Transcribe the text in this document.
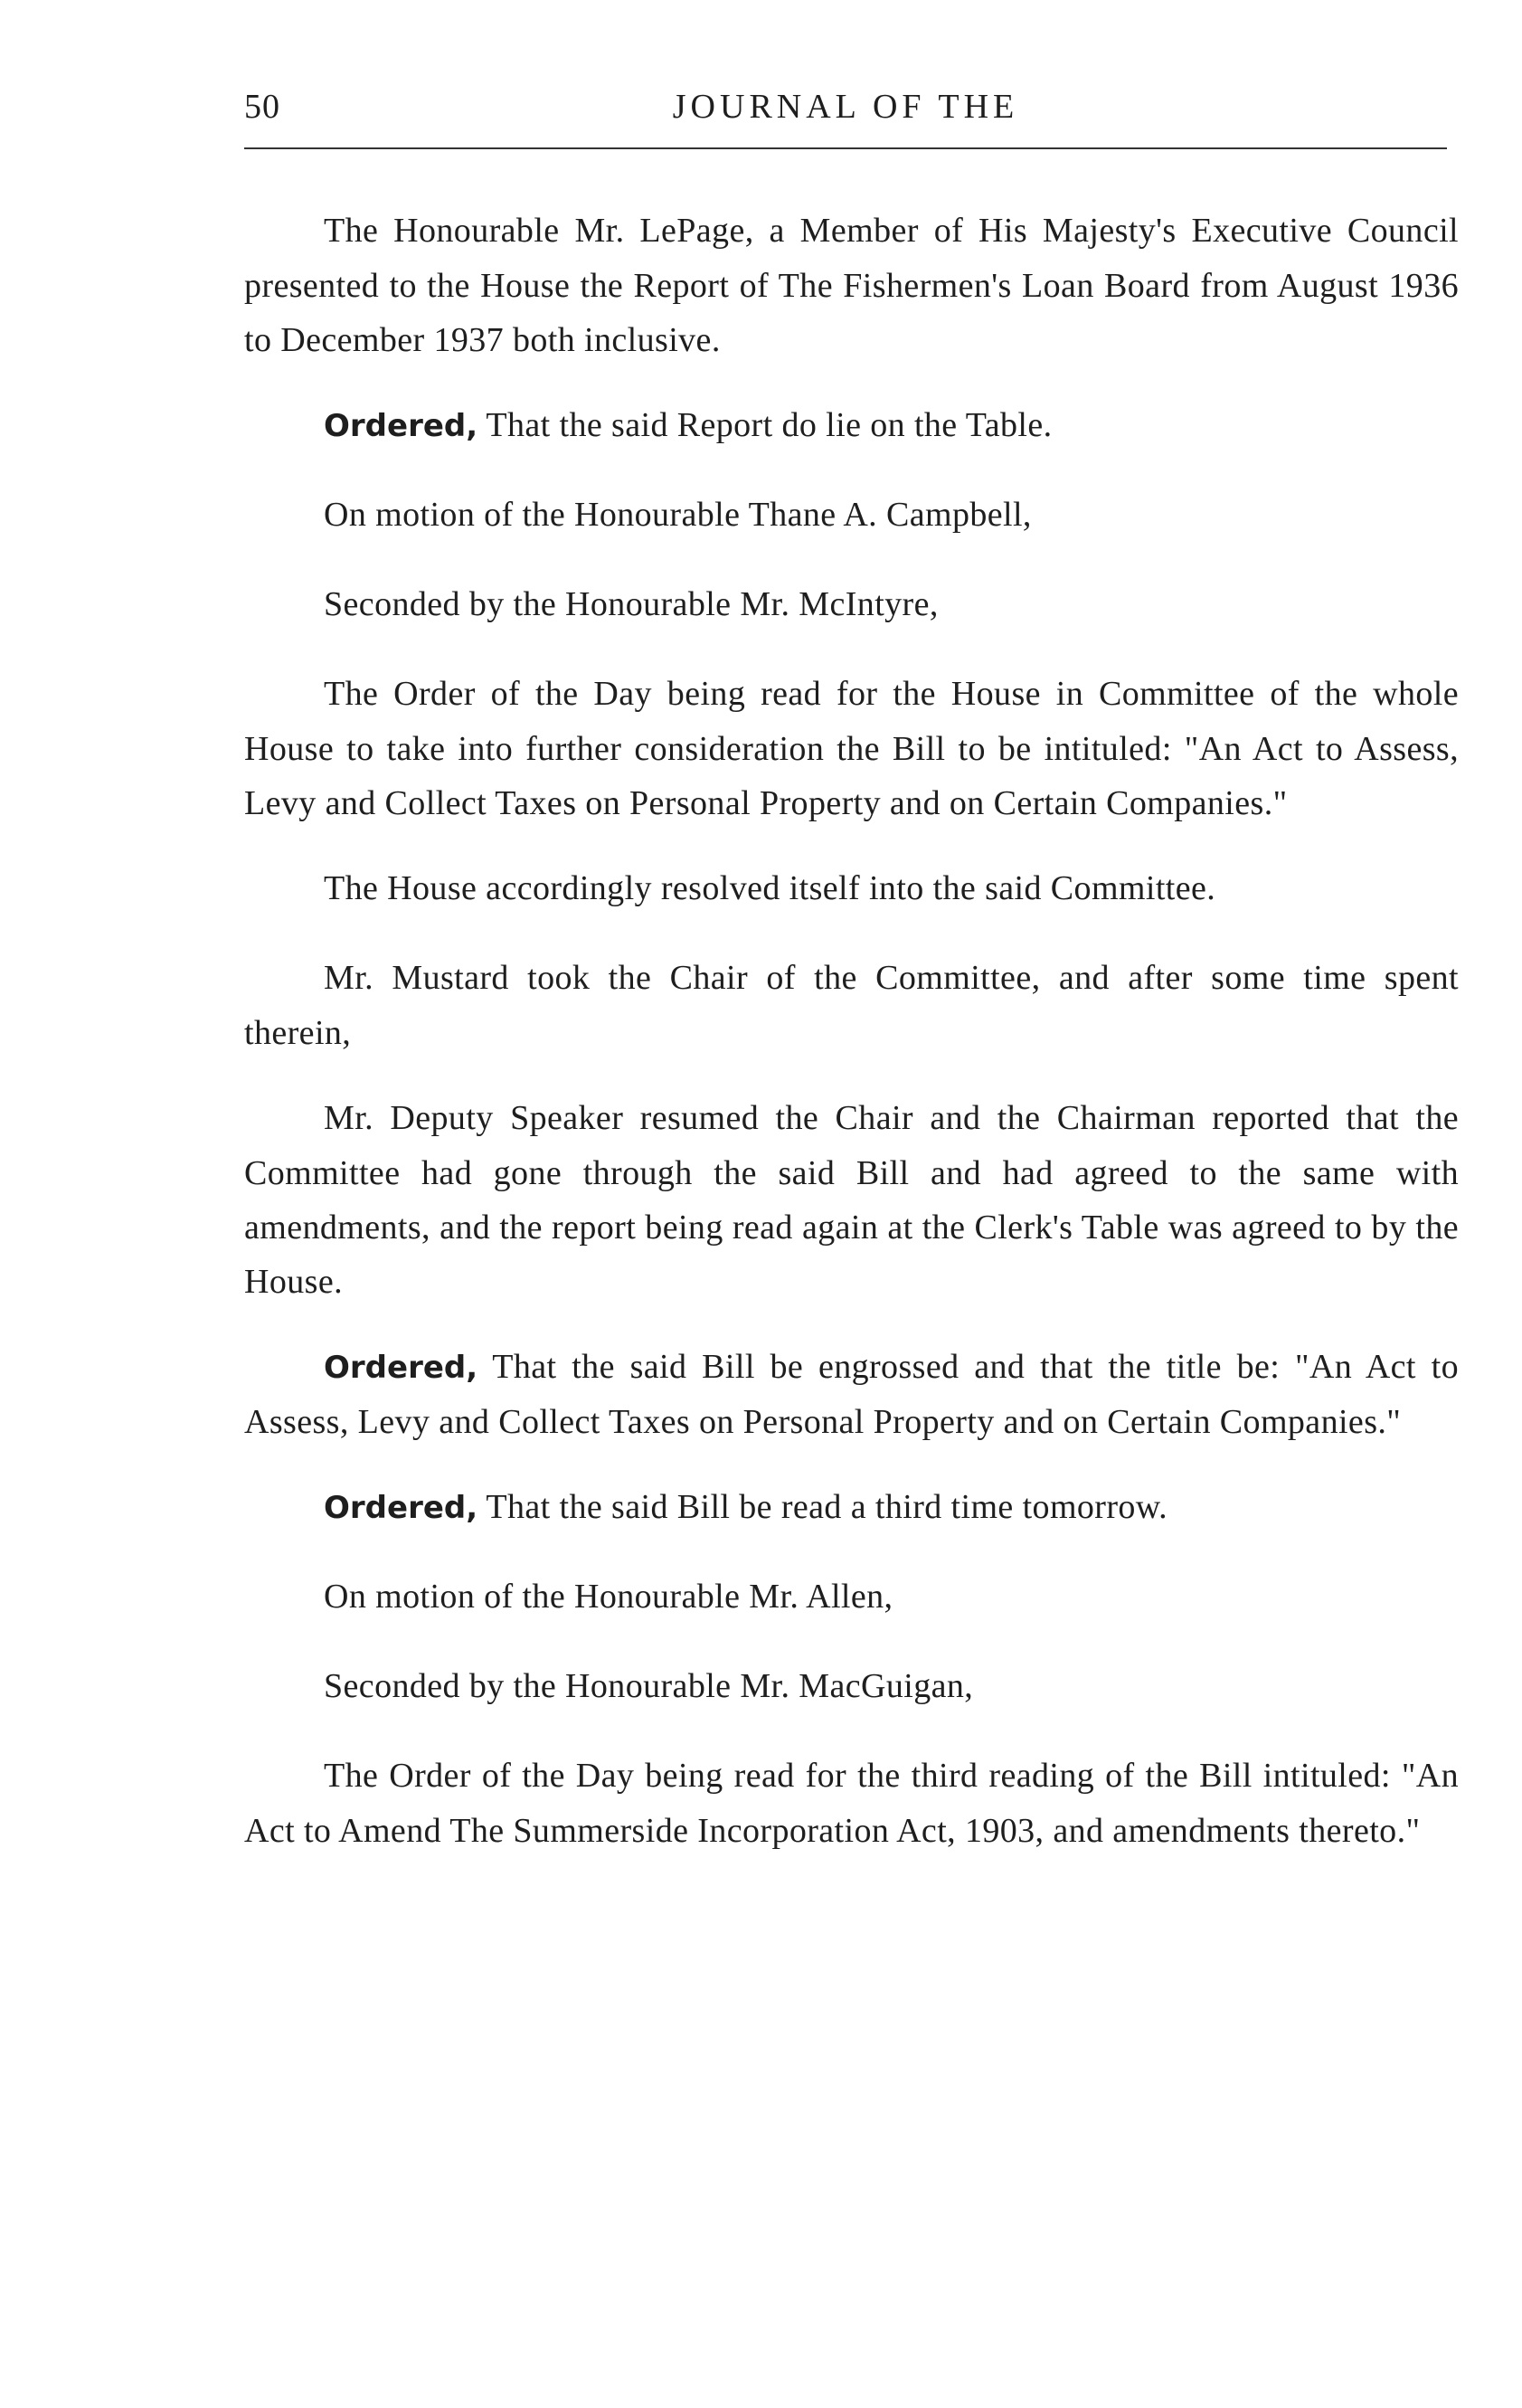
50	JOURNAL OF THE

The Honourable Mr. LePage, a Member of His Majesty's Executive Council presented to the House the Report of The Fishermen's Loan Board from August 1936 to December 1937 both inclusive.

Ordered, That the said Report do lie on the Table.

On motion of the Honourable Thane A. Campbell,

Seconded by the Honourable Mr. McIntyre,

The Order of the Day being read for the House in Committee of the whole House to take into further consideration the Bill to be intituled: "An Act to Assess, Levy and Collect Taxes on Personal Property and on Certain Companies."

The House accordingly resolved itself into the said Committee.

Mr. Mustard took the Chair of the Committee, and after some time spent therein,

Mr. Deputy Speaker resumed the Chair and the Chairman reported that the Committee had gone through the said Bill and had agreed to the same with amendments, and the report being read again at the Clerk's Table was agreed to by the House.

Ordered, That the said Bill be engrossed and that the title be: "An Act to Assess, Levy and Collect Taxes on Personal Property and on Certain Companies."

Ordered, That the said Bill be read a third time tomorrow.

On motion of the Honourable Mr. Allen,

Seconded by the Honourable Mr. MacGuigan,

The Order of the Day being read for the third reading of the Bill intituled: "An Act to Amend The Summerside Incorporation Act, 1903, and amendments thereto."
